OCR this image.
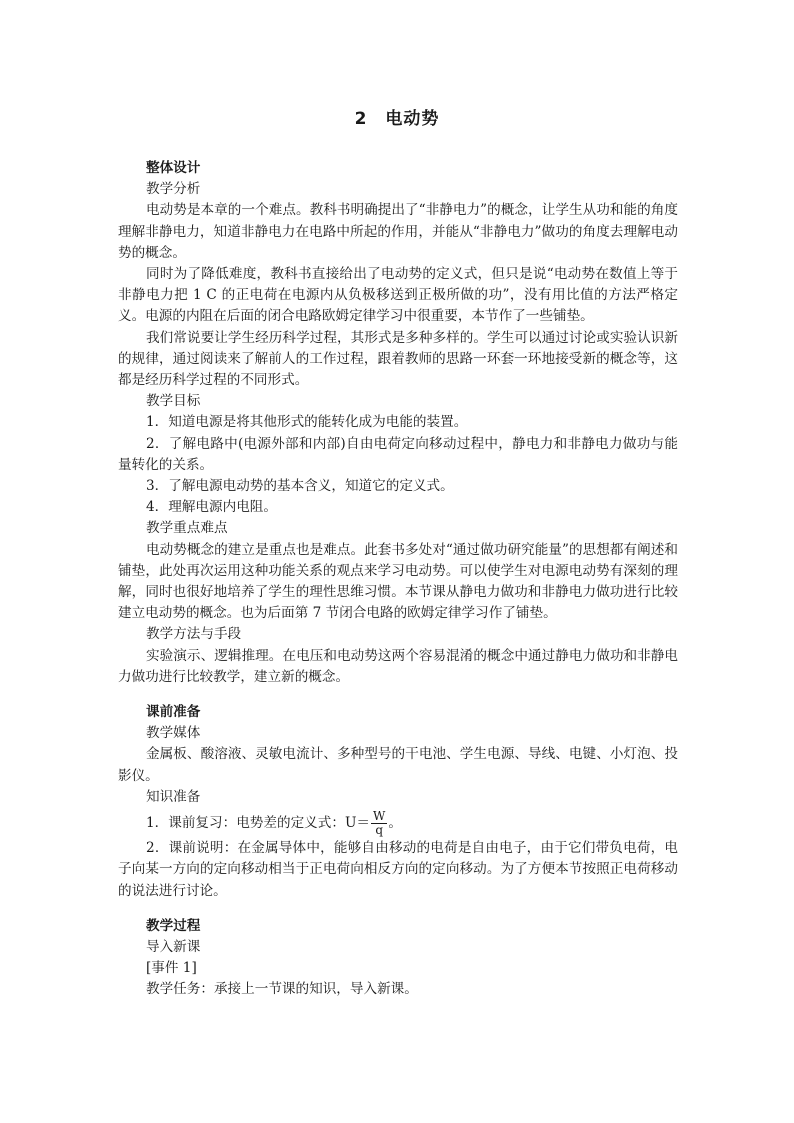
2　电动势

整体设计

教学分析

电动势是本章的一个难点。教科书明确提出了“非静电力”的概念，让学生从功和能的角度理解非静电力，知道非静电力在电路中所起的作用，并能从“非静电力”做功的角度去理解电动势的概念。

同时为了降低难度，教科书直接给出了电动势的定义式，但只是说“电动势在数值上等于非静电力把 1 C 的正电荷在电源内从负极移送到正极所做的功”，没有用比值的方法严格定义。电源的内阻在后面的闭合电路欧姆定律学习中很重要，本节作了一些铺垫。

我们常说要让学生经历科学过程，其形式是多种多样的。学生可以通过讨论或实验认识新的规律，通过阅读来了解前人的工作过程，跟着教师的思路一环套一环地接受新的概念等，这都是经历科学过程的不同形式。

教学目标

1．知道电源是将其他形式的能转化成为电能的装置。

2．了解电路中(电源外部和内部)自由电荷定向移动过程中，静电力和非静电力做功与能量转化的关系。

3．了解电源电动势的基本含义，知道它的定义式。

4．理解电源内电阻。

教学重点难点

电动势概念的建立是重点也是难点。此套书多处对“通过做功研究能量”的思想都有阐述和铺垫，此处再次运用这种功能关系的观点来学习电动势。可以使学生对电源电动势有深刻的理解，同时也很好地培养了学生的理性思维习惯。本节课从静电力做功和非静电力做功进行比较建立电动势的概念。也为后面第 7 节闭合电路的欧姆定律学习作了铺垫。

教学方法与手段

实验演示、逻辑推理。在电压和电动势这两个容易混淆的概念中通过静电力做功和非静电力做功进行比较教学，建立新的概念。

课前准备

教学媒体

金属板、酸溶液、灵敏电流计、多种型号的干电池、学生电源、导线、电键、小灯泡、投影仪。

知识准备

1．课前复习：电势差的定义式：$U= \frac{W}{q}$ 。

2．课前说明：在金属导体中，能够自由移动的电荷是自由电子，由于它们带负电荷，电子向某一方向的定向移动相当于正电荷向相反方向的定向移动。为了方便本节按照正电荷移动的说法进行讨论。

教学过程

导入新课

[事件 1]

教学任务：承接上一节课的知识，导入新课。
